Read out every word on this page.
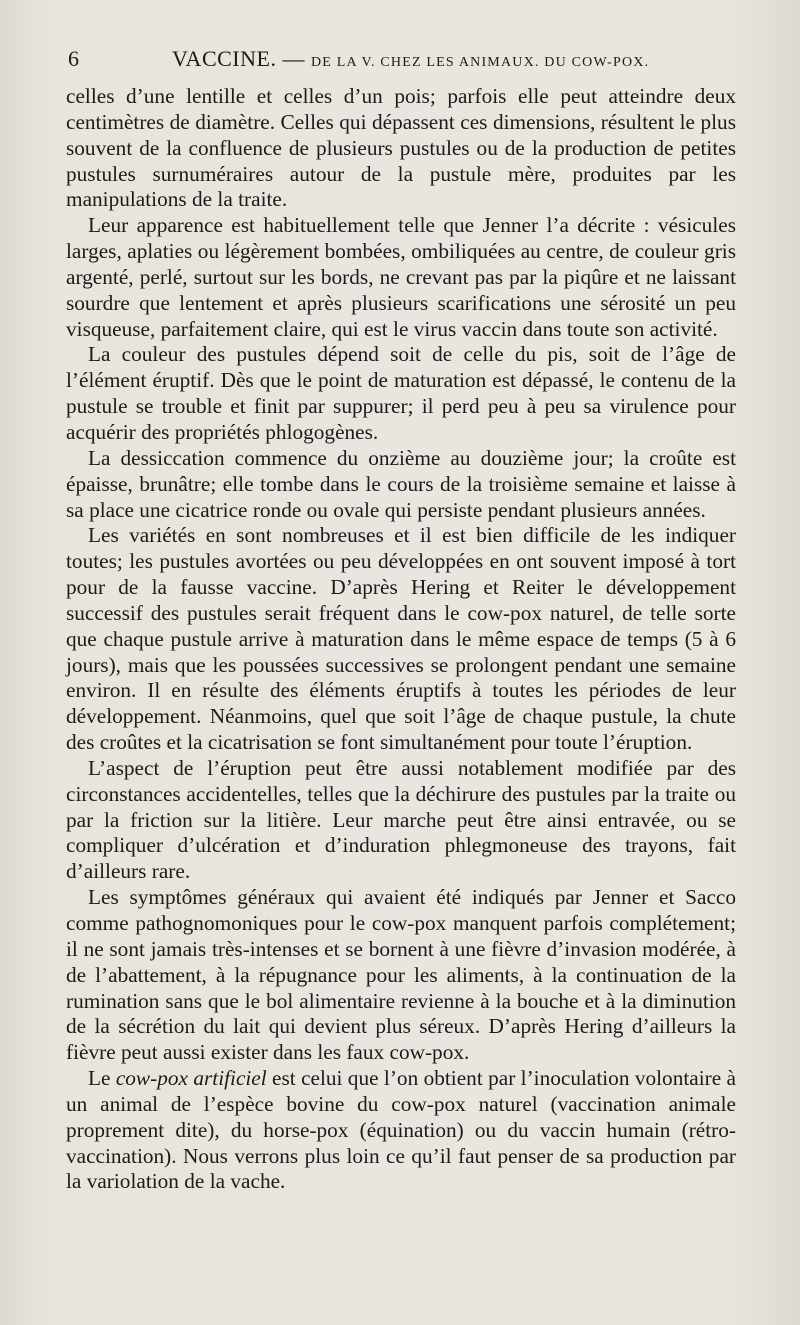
6	VACCINE. — DE LA V. CHEZ LES ANIMAUX. DU COW-POX.

celles d’une lentille et celles d’un pois; parfois elle peut atteindre deux centimètres de diamètre. Celles qui dépassent ces dimensions, résultent le plus souvent de la confluence de plusieurs pustules ou de la production de petites pustules surnuméraires autour de la pustule mère, produites par les manipulations de la traite.

Leur apparence est habituellement telle que Jenner l’a décrite : vésicules larges, aplaties ou légèrement bombées, ombiliquées au centre, de couleur gris argenté, perlé, surtout sur les bords, ne crevant pas par la piqûre et ne laissant sourdre que lentement et après plusieurs scarifications une sérosité un peu visqueuse, parfaitement claire, qui est le virus vaccin dans toute son activité.

La couleur des pustules dépend soit de celle du pis, soit de l’âge de l’élément éruptif. Dès que le point de maturation est dépassé, le contenu de la pustule se trouble et finit par suppurer; il perd peu à peu sa virulence pour acquérir des propriétés phlogogènes.

La dessiccation commence du onzième au douzième jour; la croûte est épaisse, brunâtre; elle tombe dans le cours de la troisième semaine et laisse à sa place une cicatrice ronde ou ovale qui persiste pendant plusieurs années.

Les variétés en sont nombreuses et il est bien difficile de les indiquer toutes; les pustules avortées ou peu développées en ont souvent imposé à tort pour de la fausse vaccine. D’après Hering et Reiter le développement successif des pustules serait fréquent dans le cow-pox naturel, de telle sorte que chaque pustule arrive à maturation dans le même espace de temps (5 à 6 jours), mais que les poussées successives se prolongent pendant une semaine environ. Il en résulte des éléments éruptifs à toutes les périodes de leur développement. Néanmoins, quel que soit l’âge de chaque pustule, la chute des croûtes et la cicatrisation se font simultanément pour toute l’éruption.

L’aspect de l’éruption peut être aussi notablement modifiée par des circonstances accidentelles, telles que la déchirure des pustules par la traite ou par la friction sur la litière. Leur marche peut être ainsi entravée, ou se compliquer d’ulcération et d’induration phlegmoneuse des trayons, fait d’ailleurs rare.

Les symptômes généraux qui avaient été indiqués par Jenner et Sacco comme pathognomoniques pour le cow-pox manquent parfois complétement; il ne sont jamais très-intenses et se bornent à une fièvre d’invasion modérée, à de l’abattement, à la répugnance pour les aliments, à la continuation de la rumination sans que le bol alimentaire revienne à la bouche et à la diminution de la sécrétion du lait qui devient plus séreux. D’après Hering d’ailleurs la fièvre peut aussi exister dans les faux cow-pox.

Le cow-pox artificiel est celui que l’on obtient par l’inoculation volontaire à un animal de l’espèce bovine du cow-pox naturel (vaccination animale proprement dite), du horse-pox (équination) ou du vaccin humain (rétro-vaccination). Nous verrons plus loin ce qu’il faut penser de sa production par la variolation de la vache.
